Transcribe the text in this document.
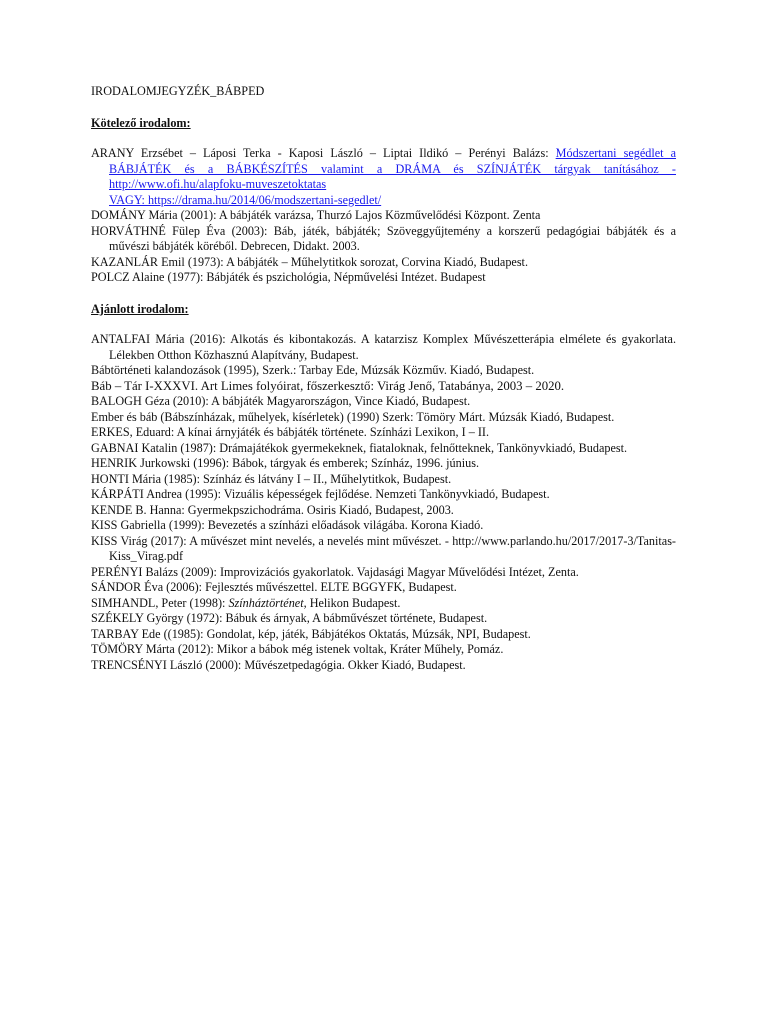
IRODALOMJEGYZÉK_BÁBPED

Kötelező irodalom:

ARANY Erzsébet – Láposi Terka - Kaposi László – Liptai Ildikó – Perényi Balázs: Módszertani segédlet a BÁBJÁTÉK és a BÁBKÉSZÍTÉS valamint a DRÁMA és SZÍNJÁTÉK tárgyak tanításához - http://www.ofi.hu/alapfoku-muveszetoktatas
VAGY: https://drama.hu/2014/06/modszertani-segedlet/
DOMÁNY Mária (2001): A bábjáték varázsa, Thurzó Lajos Közművelődési Központ. Zenta
HORVÁTHNÉ Fülep Éva (2003): Báb, játék, bábjáték; Szöveggyűjtemény a korszerű pedagógiai bábjáték és a művészi bábjáték köréből. Debrecen, Didakt. 2003.
KAZANLÁR Emil (1973): A bábjáték – Műhelytitkok sorozat, Corvina Kiadó, Budapest.
POLCZ Alaine (1977): Bábjáték és pszichológia, Népművelési Intézet. Budapest

Ajánlott irodalom:

ANTALFAI Mária (2016): Alkotás és kibontakozás. A katarzisz Komplex Művészetterápia elmélete és gyakorlata. Lélekben Otthon Közhasznú Alapítvány, Budapest.
Bábtörténeti kalandozások (1995), Szerk.: Tarbay Ede, Múzsák Közműv. Kiadó, Budapest.
Báb – Tár I-XXXVI. Art Limes folyóirat, főszerkesztő: Virág Jenő, Tatabánya, 2003 – 2020.
BALOGH Géza (2010): A bábjáték Magyarországon, Vince Kiadó, Budapest.
Ember és báb (Bábszínházak, műhelyek, kísérletek) (1990) Szerk: Tömöry Márt. Múzsák Kiadó, Budapest.
ERKES, Eduard: A kínai árnyjáték és bábjáték története. Színházi Lexikon, I – II.
GABNAI Katalin (1987): Drámajátékok gyermekeknek, fiataloknak, felnőtteknek, Tankönyvkiadó, Budapest.
HENRIK Jurkowski (1996): Bábok, tárgyak és emberek; Színház, 1996. június.
HONTI Mária (1985): Színház és látvány I – II., Műhelytitkok, Budapest.
KÁRPÁTI Andrea (1995): Vizuális képességek fejlődése. Nemzeti Tankönyvkiadó, Budapest.
KENDE B. Hanna: Gyermekpszichodráma. Osiris Kiadó, Budapest, 2003.
KISS Gabriella (1999): Bevezetés a színházi előadások világába. Korona Kiadó.
KISS Virág (2017): A művészet mint nevelés, a nevelés mint művészet. - http://www.parlando.hu/2017/2017-3/Tanitas-Kiss_Virag.pdf
PERÉNYI Balázs (2009): Improvizációs gyakorlatok. Vajdasági Magyar Művelődési Intézet, Zenta.
SÁNDOR Éva (2006): Fejlesztés művészettel. ELTE BGGYFK, Budapest.
SIMHANDL, Peter (1998): Színháztörténet, Helikon Budapest.
SZÉKELY György (1972): Bábuk és árnyak, A bábművészet története, Budapest.
TARBAY Ede ((1985): Gondolat, kép, játék, Bábjátékos Oktatás, Múzsák, NPI, Budapest.
TÖMÖRY Márta (2012): Mikor a bábok még istenek voltak, Kráter Műhely, Pomáz.
TRENCSÉNYI László (2000): Művészetpedagógia. Okker Kiadó, Budapest.
